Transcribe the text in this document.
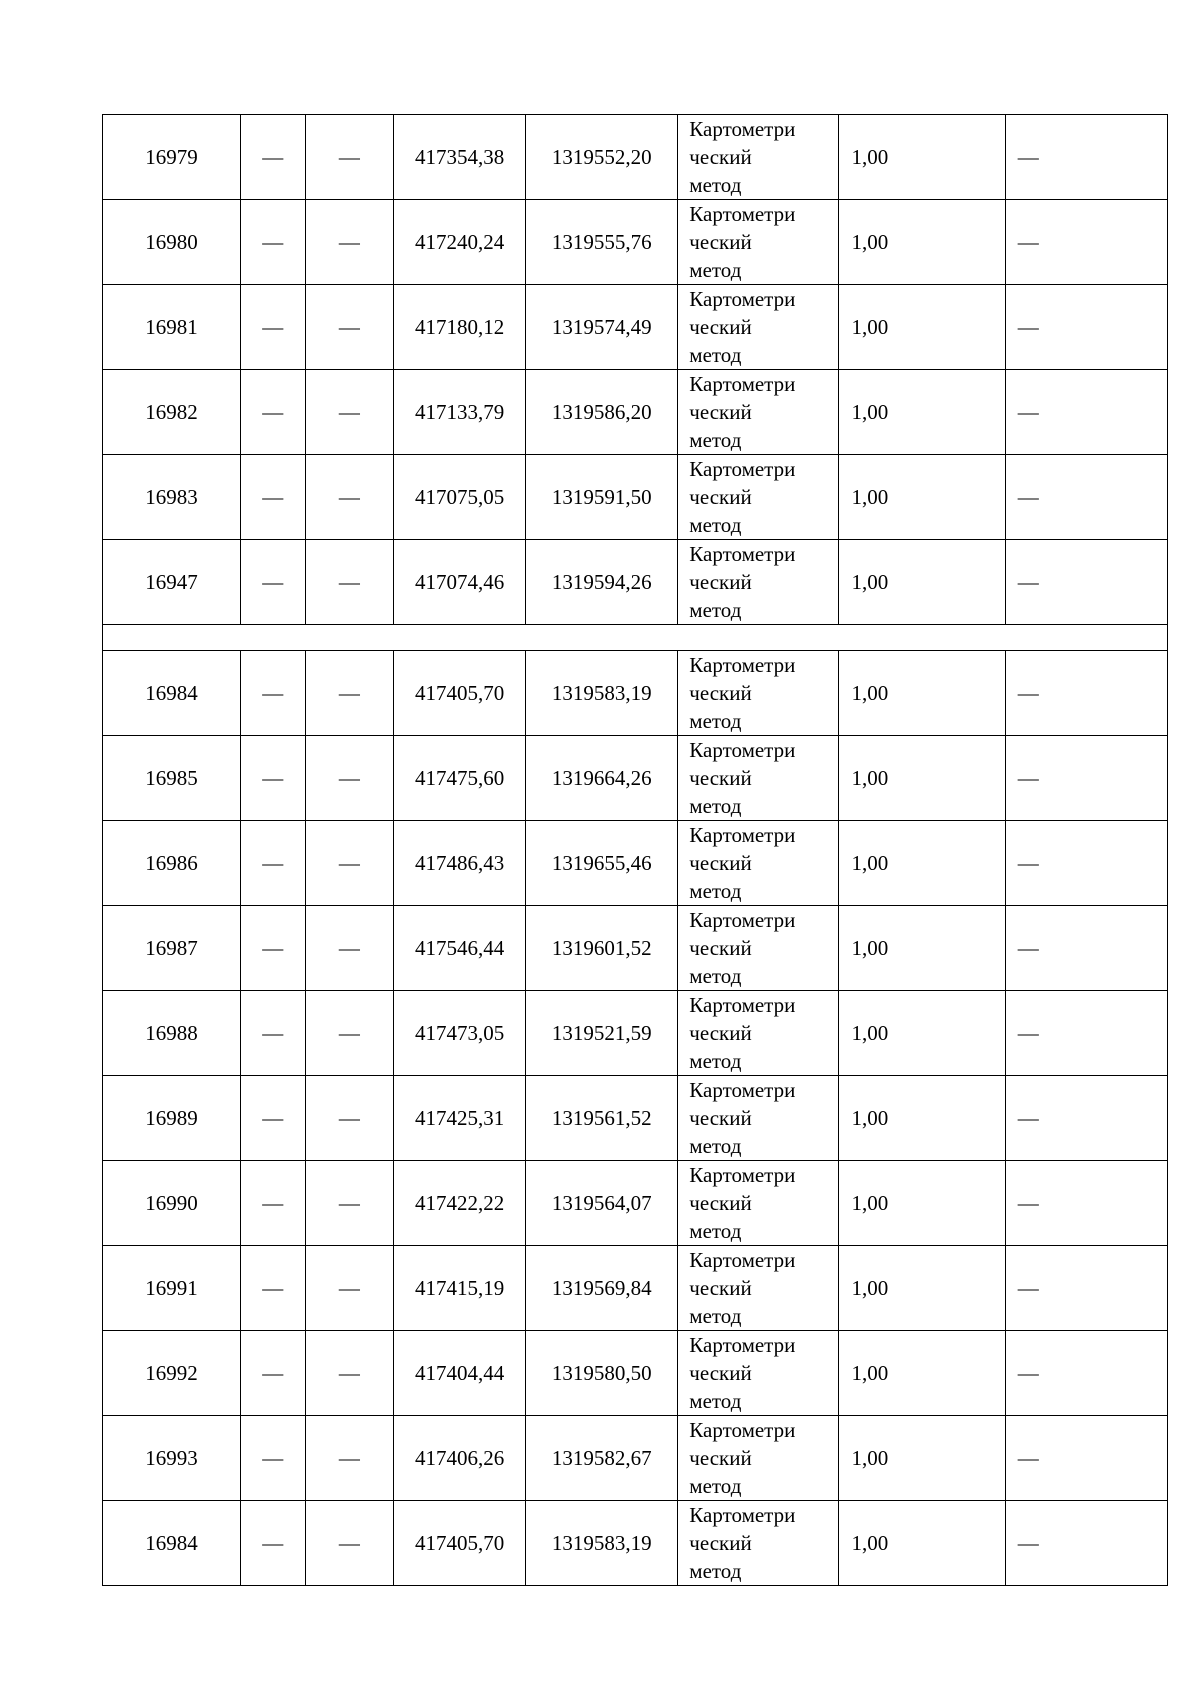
16979	—	—	417354,38	1319552,20	Картометри
ческий
метод	1,00	—
16980	—	—	417240,24	1319555,76	Картометри
ческий
метод	1,00	—
16981	—	—	417180,12	1319574,49	Картометри
ческий
метод	1,00	—
16982	—	—	417133,79	1319586,20	Картометри
ческий
метод	1,00	—
16983	—	—	417075,05	1319591,50	Картометри
ческий
метод	1,00	—
16947	—	—	417074,46	1319594,26	Картометри
ческий
метод	1,00	—

16984	—	—	417405,70	1319583,19	Картометри
ческий
метод	1,00	—
16985	—	—	417475,60	1319664,26	Картометри
ческий
метод	1,00	—
16986	—	—	417486,43	1319655,46	Картометри
ческий
метод	1,00	—
16987	—	—	417546,44	1319601,52	Картометри
ческий
метод	1,00	—
16988	—	—	417473,05	1319521,59	Картометри
ческий
метод	1,00	—
16989	—	—	417425,31	1319561,52	Картометри
ческий
метод	1,00	—
16990	—	—	417422,22	1319564,07	Картометри
ческий
метод	1,00	—
16991	—	—	417415,19	1319569,84	Картометри
ческий
метод	1,00	—
16992	—	—	417404,44	1319580,50	Картометри
ческий
метод	1,00	—
16993	—	—	417406,26	1319582,67	Картометри
ческий
метод	1,00	—
16984	—	—	417405,70	1319583,19	Картометри
ческий
метод	1,00	—
